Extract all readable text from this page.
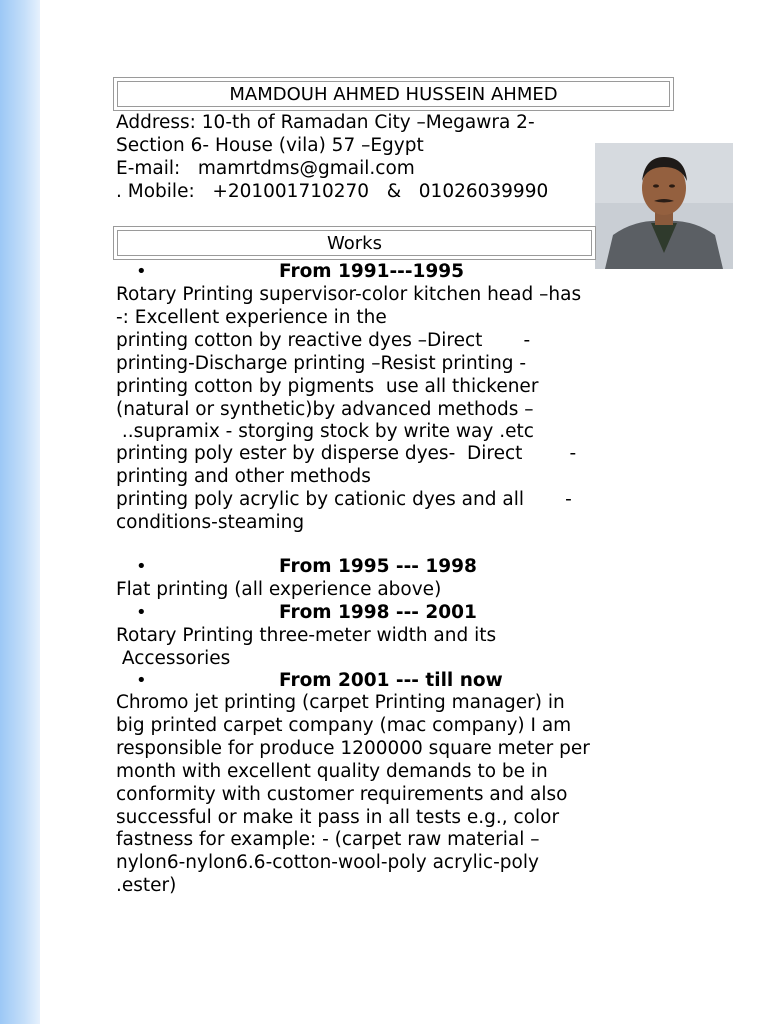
MAMDOUH AHMED HUSSEIN AHMED
Address: 10-th of Ramadan City –Megawra 2-
Section 6- House (vila) 57 –Egypt
E-mail:   mamrtdms@gmail.com
. Mobile:   +201001710270   &   01026039990
Works
•	From 1991---1995
Rotary Printing supervisor-color kitchen head –has
-: Excellent experience in the
printing cotton by reactive dyes –Direct       -
printing-Discharge printing –Resist printing -
printing cotton by pigments  use all thickener
(natural or synthetic)by advanced methods –
..supramix - storging stock by write way .etc
printing poly ester by disperse dyes-  Direct        -
printing and other methods
printing poly acrylic by cationic dyes and all       -
conditions-steaming
•	From 1995 --- 1998
Flat printing (all experience above)
•	From 1998 --- 2001
Rotary Printing three-meter width and its
Accessories
•	From 2001 --- till now
Chromo jet printing (carpet Printing manager) in
big printed carpet company (mac company) I am
responsible for produce 1200000 square meter per
month with excellent quality demands to be in
conformity with customer requirements and also
successful or make it pass in all tests e.g., color
fastness for example: - (carpet raw material –
nylon6-nylon6.6-cotton-wool-poly acrylic-poly
.ester)
